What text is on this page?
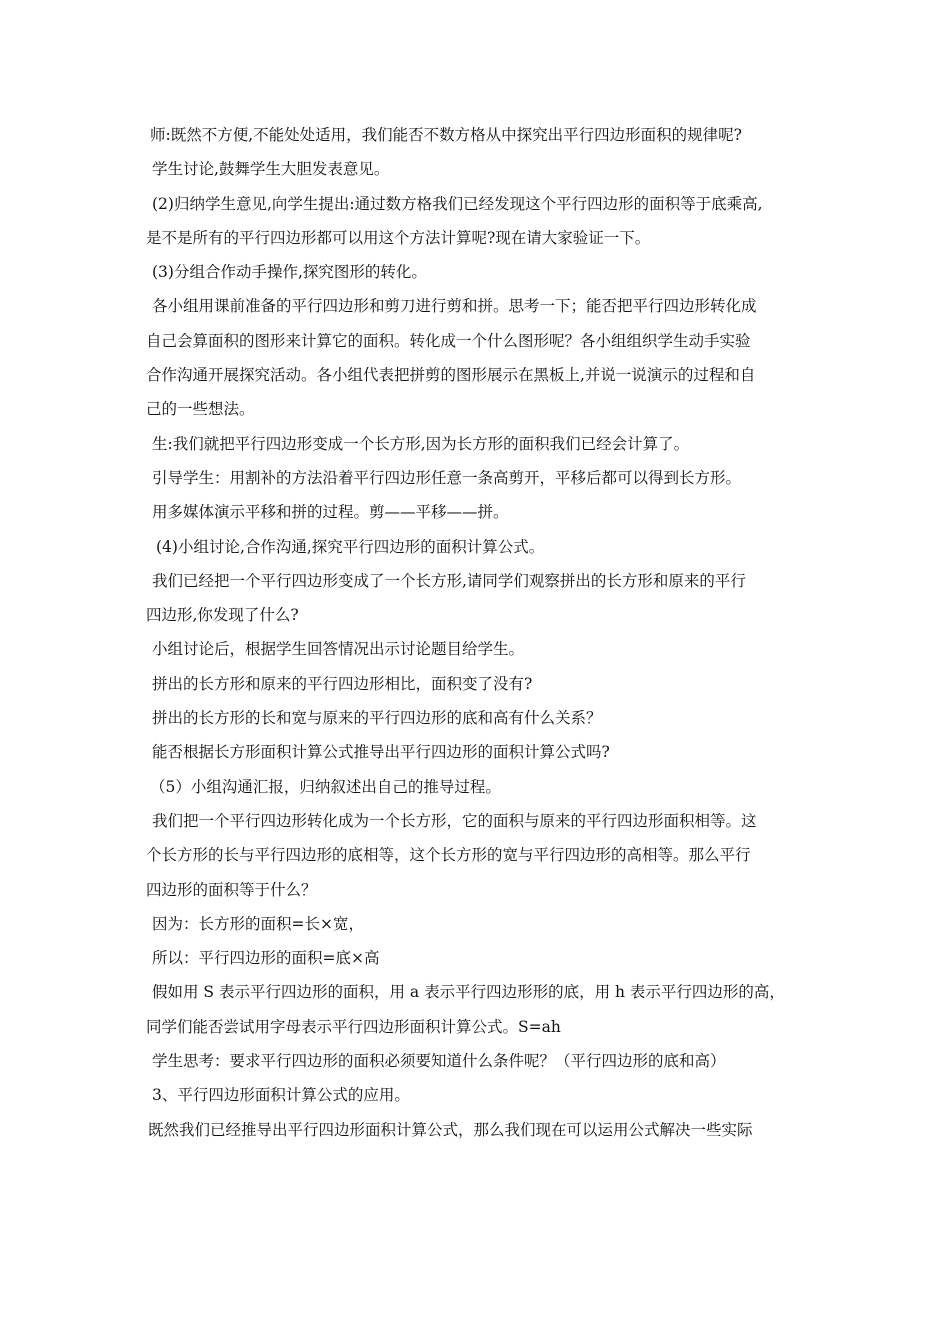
师:既然不方便,不能处处适用，我们能否不数方格从中探究出平行四边形面积的规律呢?
学生讨论,鼓舞学生大胆发表意见。
(2)归纳学生意见,向学生提出:通过数方格我们已经发现这个平行四边形的面积等于底乘高,
是不是所有的平行四边形都可以用这个方法计算呢?现在请大家验证一下。
(3)分组合作动手操作,探究图形的转化。
各小组用课前准备的平行四边形和剪刀进行剪和拼。思考一下；能否把平行四边形转化成
自己会算面积的图形来计算它的面积。转化成一个什么图形呢？各小组组织学生动手实验
合作沟通开展探究活动。各小组代表把拼剪的图形展示在黑板上,并说一说演示的过程和自
己的一些想法。
生:我们就把平行四边形变成一个长方形,因为长方形的面积我们已经会计算了。
引导学生：用割补的方法沿着平行四边形任意一条高剪开，平移后都可以得到长方形。
用多媒体演示平移和拼的过程。剪——平移——拼。
(4)小组讨论,合作沟通,探究平行四边形的面积计算公式。
我们已经把一个平行四边形变成了一个长方形,请同学们观察拼出的长方形和原来的平行
四边形,你发现了什么?
小组讨论后，根据学生回答情况出示讨论题目给学生。
拼出的长方形和原来的平行四边形相比，面积变了没有?
拼出的长方形的长和宽与原来的平行四边形的底和高有什么关系？
能否根据长方形面积计算公式推导出平行四边形的面积计算公式吗?
（5）小组沟通汇报，归纳叙述出自己的推导过程。
我们把一个平行四边形转化成为一个长方形，它的面积与原来的平行四边形面积相等。这
个长方形的长与平行四边形的底相等，这个长方形的宽与平行四边形的高相等。那么平行
四边形的面积等于什么？
因为：长方形的面积=长×宽，
所以：平行四边形的面积=底×高
假如用 S 表示平行四边形的面积，用 a 表示平行四边形形的底，用 h 表示平行四边形的高，
同学们能否尝试用字母表示平行四边形面积计算公式。S=ah
学生思考：要求平行四边形的面积必须要知道什么条件呢？（平行四边形的底和高）
3、平行四边形面积计算公式的应用。
既然我们已经推导出平行四边形面积计算公式，那么我们现在可以运用公式解决一些实际
